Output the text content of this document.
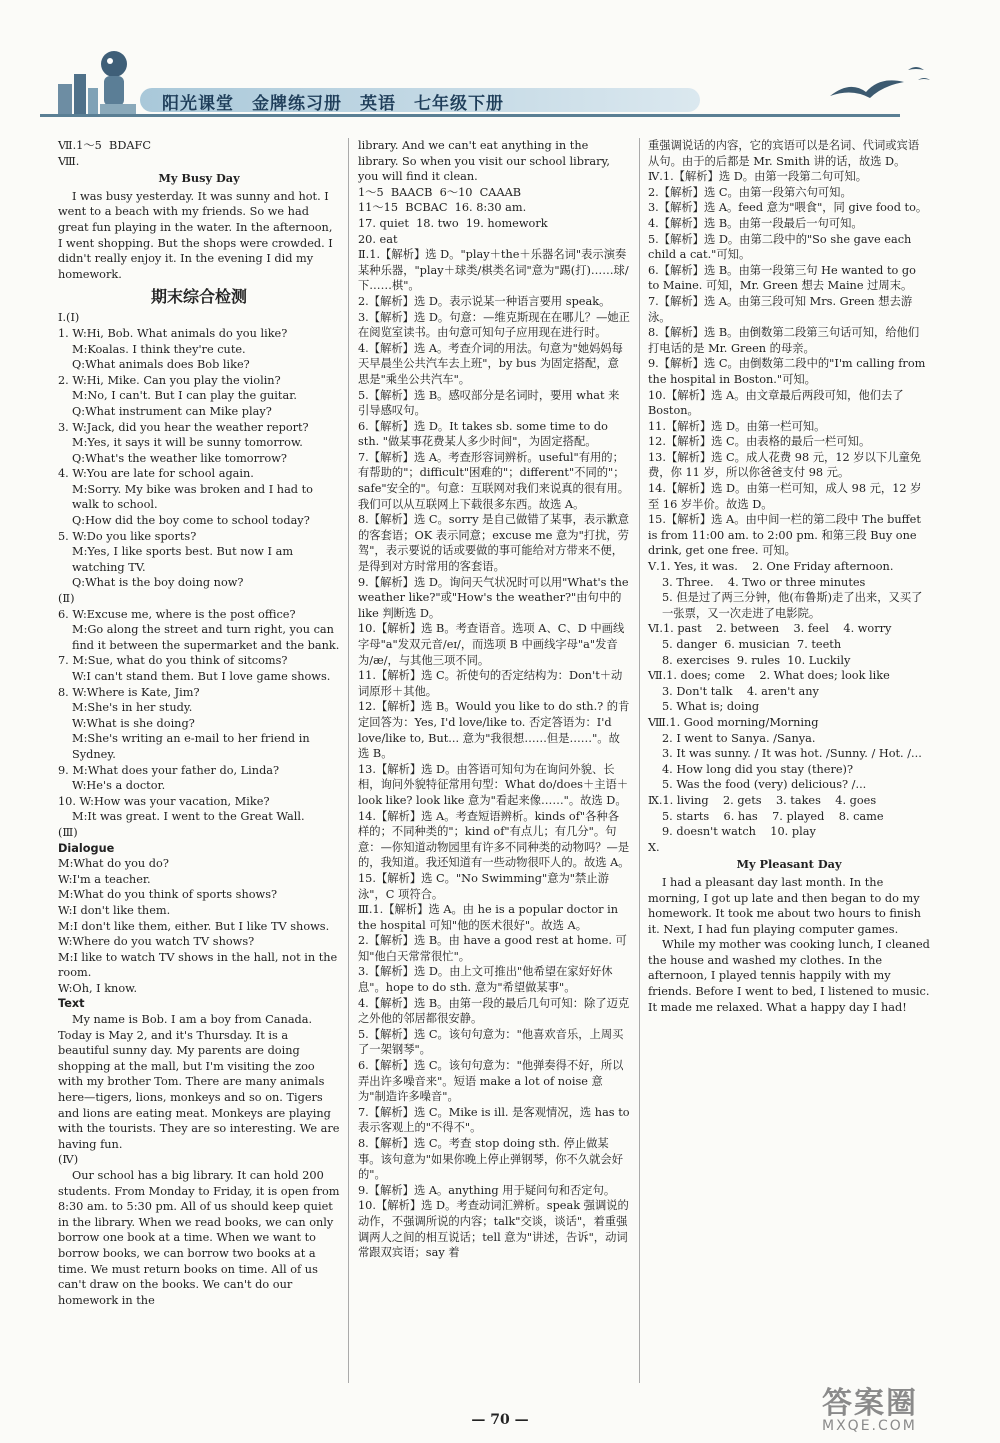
阳光课堂 金牌练习册 英语 七年级下册
Ⅶ.1～5  BDAFC
Ⅷ.
My Busy Day
I was busy yesterday. It was sunny and hot. I went to a beach with my friends. So we had great fun playing in the water. In the afternoon, I went shopping. But the shops were crowded. I didn't really enjoy it. In the evening I did my homework.
期末综合检测
Ⅰ.(Ⅰ)
1. W:Hi, Bob. What animals do you like?
M:Koalas. I think they're cute.
Q:What animals does Bob like?
2. W:Hi, Mike. Can you play the violin?
M:No, I can't. But I can play the guitar.
Q:What instrument can Mike play?
3. W:Jack, did you hear the weather report?
M:Yes, it says it will be sunny tomorrow.
Q:What's the weather like tomorrow?
4. W:You are late for school again.
M:Sorry. My bike was broken and I had to walk to school.
Q:How did the boy come to school today?
5. W:Do you like sports?
M:Yes, I like sports best. But now I am watching TV.
Q:What is the boy doing now?
(Ⅱ)
6. W:Excuse me, where is the post office?
M:Go along the street and turn right, you can find it between the supermarket and the bank.
7. M:Sue, what do you think of sitcoms?
W:I can't stand them. But I love game shows.
8. W:Where is Kate, Jim?
M:She's in her study.
W:What is she doing?
M:She's writing an e-mail to her friend in Sydney.
9. M:What does your father do, Linda?
W:He's a doctor.
10. W:How was your vacation, Mike?
M:It was great. I went to the Great Wall.
(Ⅲ)
Dialogue
M:What do you do?
W:I'm a teacher.
M:What do you think of sports shows?
W:I don't like them.
M:I don't like them, either. But I like TV shows.
W:Where do you watch TV shows?
M:I like to watch TV shows in the hall, not in the room.
W:Oh, I know.
Text
My name is Bob. I am a boy from Canada. Today is May 2, and it's Thursday. It is a beautiful sunny day. My parents are doing shopping at the mall, but I'm visiting the zoo with my brother Tom. There are many animals here—tigers, lions, monkeys and so on. Tigers and lions are eating meat. Monkeys are playing with the tourists. They are so interesting. We are having fun.
(Ⅳ)
Our school has a big library. It can hold 200 students. From Monday to Friday, it is open from 8:30 am. to 5:30 pm. All of us should keep quiet in the library. When we read books, we can only borrow one book at a time. When we want to borrow books, we can borrow two books at a time. We must return books on time. All of us can't draw on the books. We can't do our homework in the
library. And we can't eat anything in the library. So when you visit our school library, you will find it clean.
1～5  BAACB  6～10  CAAAB
11～15  BCBAC  16. 8:30 am.
17. quiet  18. two  19. homework
20. eat
Ⅱ.1.【解析】选 D。"play＋the＋乐器名词"表示演奏某种乐器，"play＋球类/棋类名词"意为"踢(打)……球/下……棋"。
2.【解析】选 D。表示说某一种语言要用 speak。
3.【解析】选 D。句意：—维克斯现在在哪儿？—她正在阅览室读书。由句意可知句子应用现在进行时。
4.【解析】选 A。考查介词的用法。句意为"她妈妈每天早晨坐公共汽车去上班"，by bus 为固定搭配，意思是"乘坐公共汽车"。
5.【解析】选 B。感叹部分是名词时，要用 what 来引导感叹句。
6.【解析】选 D。It takes sb. some time to do sth. "做某事花费某人多少时间"，为固定搭配。
7.【解析】选 A。考查形容词辨析。useful"有用的；有帮助的"；difficult"困难的"；different"不同的"；safe"安全的"。句意：互联网对我们来说真的很有用。我们可以从互联网上下载很多东西。故选 A。
8.【解析】选 C。sorry 是自己做错了某事，表示歉意的客套语；OK 表示同意；excuse me 意为"打扰，劳驾"，表示要说的话或要做的事可能给对方带来不便，是得到对方时常用的客套语。
9.【解析】选 D。询问天气状况时可以用"What's the weather like?"或"How's the weather?"由句中的 like 判断选 D。
10.【解析】选 B。考查语音。选项 A、C、D 中画线字母"a"发双元音/eɪ/，而选项 B 中画线字母"a"发音为/æ/，与其他三项不同。
11.【解析】选 C。祈使句的否定结构为：Don't＋动词原形＋其他。
12.【解析】选 B。Would you like to do sth.? 的肯定回答为：Yes, I'd love/like to. 否定答语为：I'd love/like to, But... 意为"我很想……但是……"。故选 B。
13.【解析】选 D。由答语可知句为在询问外貌、长相，询问外貌特征常用句型：What do/does＋主语＋look like? look like 意为"看起来像……"。故选 D。
14.【解析】选 A。考查短语辨析。kinds of"各种各样的；不同种类的"；kind of"有点儿；有几分"。句意：—你知道动物园里有许多不同种类的动物吗？—是的，我知道。我还知道有一些动物很吓人的。故选 A。
15.【解析】选 C。"No Swimming"意为"禁止游泳"，C 项符合。
Ⅲ.1.【解析】选 A。由 he is a popular doctor in the hospital 可知"他的医术很好"。故选 A。
2.【解析】选 B。由 have a good rest at home. 可知"他白天常常很忙"。
3.【解析】选 D。由上文可推出"他希望在家好好休息"。hope to do sth. 意为"希望做某事"。
4.【解析】选 B。由第一段的最后几句可知：除了迈克之外他的邻居都很安静。
5.【解析】选 C。该句句意为："他喜欢音乐，上周买了一架钢琴"。
6.【解析】选 C。该句句意为："他弹奏得不好，所以弄出许多噪音来"。短语 make a lot of noise 意为"制造许多噪音"。
7.【解析】选 C。Mike is ill. 是客观情况，选 has to 表示客观上的"不得不"。
8.【解析】选 C。考查 stop doing sth. 停止做某事。该句意为"如果你晚上停止弹钢琴，你不久就会好的"。
9.【解析】选 A。anything 用于疑问句和否定句。
10.【解析】选 D。考查动词汇辨析。speak 强调说的动作，不强调所说的内容；talk"交谈，谈话"，着重强调两人之间的相互说话；tell 意为"讲述，告诉"，动词常跟双宾语；say 着
重强调说话的内容，它的宾语可以是名词、代词或宾语从句。由于的后都是 Mr. Smith 讲的话，故选 D。
Ⅳ.1.【解析】选 D。由第一段第二句可知。
2.【解析】选 C。由第一段第六句可知。
3.【解析】选 A。feed 意为"喂食"，同 give food to。
4.【解析】选 B。由第一段最后一句可知。
5.【解析】选 D。由第二段中的"So she gave each child a cat."可知。
6.【解析】选 B。由第一段第三句 He wanted to go to Maine. 可知，Mr. Green 想去 Maine 过周末。
7.【解析】选 A。由第三段可知 Mrs. Green 想去游泳。
8.【解析】选 B。由倒数第二段第三句话可知，给他们打电话的是 Mr. Green 的母亲。
9.【解析】选 C。由倒数第二段中的"I'm calling from the hospital in Boston."可知。
10.【解析】选 A。由文章最后两段可知，他们去了 Boston。
11.【解析】选 D。由第一栏可知。
12.【解析】选 C。由表格的最后一栏可知。
13.【解析】选 C。成人花费 98 元，12 岁以下儿童免费，你 11 岁，所以你爸爸支付 98 元。
14.【解析】选 D。由第一栏可知，成人 98 元，12 岁至 16 岁半价。故选 D。
15.【解析】选 A。由中间一栏的第二段中 The buffet is from 11:00 am. to 2:00 pm. 和第三段 Buy one drink, get one free. 可知。
Ⅴ.1. Yes, it was.    2. One Friday afternoon.
3. Three.    4. Two or three minutes
5. 但是过了两三分钟，他(布鲁斯)走了出来，又买了一张票，又一次走进了电影院。
Ⅵ.1. past    2. between    3. feel    4. worry
5. danger  6. musician  7. teeth
8. exercises  9. rules  10. Luckily
Ⅶ.1. does; come    2. What does; look like
3. Don't talk    4. aren't any
5. What is; doing
Ⅷ.1. Good morning/Morning
2. I went to Sanya. /Sanya.
3. It was sunny. / It was hot. /Sunny. / Hot. /...
4. How long did you stay (there)?
5. Was the food (very) delicious? /...
Ⅸ.1. living    2. gets    3. takes    4. goes
5. starts    6. has    7. played    8. came
9. doesn't watch    10. play
Ⅹ.
My Pleasant Day
I had a pleasant day last month. In the morning, I got up late and then began to do my homework. It took me about two hours to finish it. Next, I had fun playing computer games.
While my mother was cooking lunch, I cleaned the house and washed my clothes. In the afternoon, I played tennis happily with my friends. Before I went to bed, I listened to music. It made me relaxed. What a happy day I had!
— 70 —	答案圈
MXQE.COM
